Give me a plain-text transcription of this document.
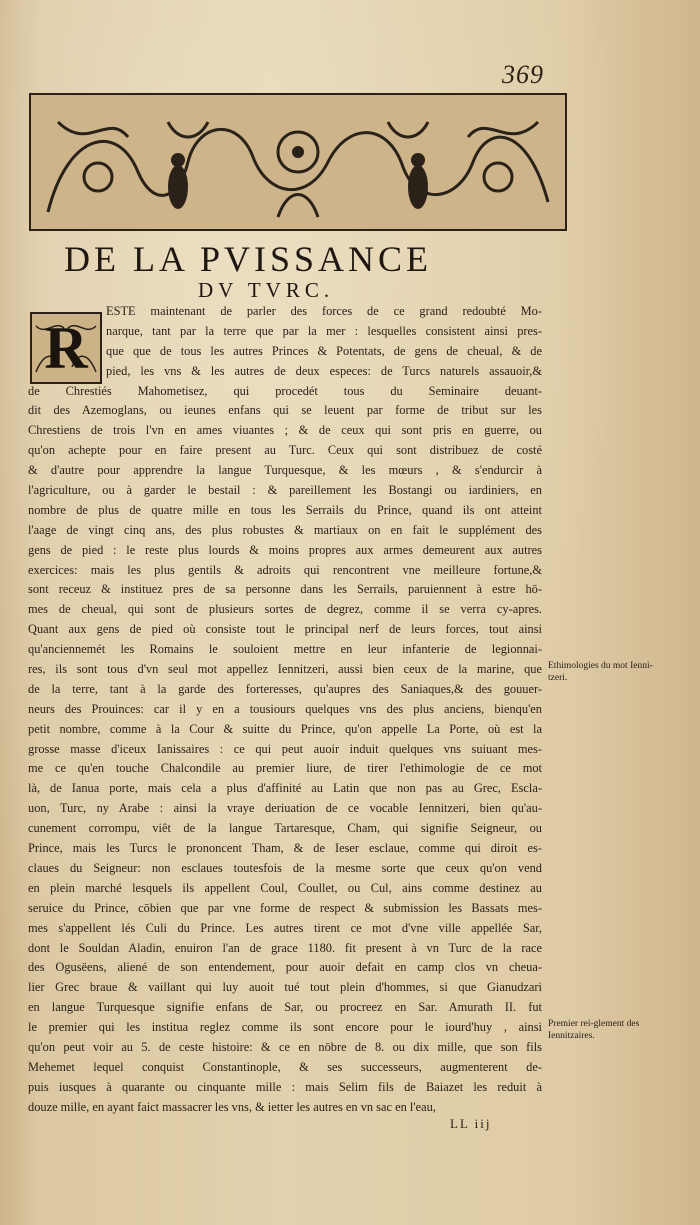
369
DE LA PVISSANCE
DV TVRC.
R
ESTE maintenant de parler des forces de ce grand redoubté Mo-
narque, tant par la terre que par la mer : lesquelles consistent ainsi pres-
que que de tous les autres Princes & Potentats, de gens de cheual, & de
pied, les vns & les autres de deux especes: de Turcs naturels assauoir,&
de Chrestiés Mahometisez, qui procedét tous du Seminaire deuant-
dit des Azemoglans, ou ieunes enfans qui se leuent par forme de tribut sur les
Chrestiens de trois l'vn en ames viuantes ; & de ceux qui sont pris en guerre, ou
qu'on achepte pour en faire present au Turc. Ceux qui sont distribuez de costé
& d'autre pour apprendre la langue Turquesque, & les mœurs , & s'endurcir à
l'agriculture, ou à garder le bestail : & pareillement les Bostangi ou iardiniers, en
nombre de plus de quatre mille en tous les Serrails du Prince, quand ils ont atteint
l'aage de vingt cinq ans, des plus robustes & martiaux on en fait le supplément des
gens de pied : le reste plus lourds & moins propres aux armes demeurent aux autres
exercices: mais les plus gentils & adroits qui rencontrent vne meilleure fortune,&
sont receuz & instituez pres de sa personne dans les Serrails, paruiennent à estre hō-
mes de cheual, qui sont de plusieurs sortes de degrez, comme il se verra cy-apres.
Quant aux gens de pied où consiste tout le principal nerf de leurs forces, tout ainsi
qu'anciennemét les Romains le souloient mettre en leur infanterie de legionnai-
res, ils sont tous d'vn seul mot appellez Iennitzeri, aussi bien ceux de la marine, que
de la terre, tant à la garde des forteresses, qu'aupres des Saniaques,& des gouuer-
neurs des Prouinces: car il y en a tousiours quelques vns des plus anciens, bienqu'en
petit nombre, comme à la Cour & suitte du Prince, qu'on appelle La Porte, où est la
grosse masse d'iceux Ianissaires : ce qui peut auoir induit quelques vns suiuant mes-
me ce qu'en touche Chalcondile au premier liure, de tirer l'ethimologie de ce mot
là, de Ianua porte, mais cela a plus d'affinité au Latin que non pas au Grec, Escla-
uon, Turc, ny Arabe : ainsi la vraye deriuation de ce vocable Iennitzeri, bien qu'au-
cunement corrompu, viêt de la langue Tartaresque, Cham, qui signifie Seigneur, ou
Prince, mais les Turcs le prononcent Tham, & de Ieser esclaue, comme qui diroit es-
claues du Seigneur: non esclaues toutesfois de la mesme sorte que ceux qu'on vend
en plein marché lesquels ils appellent Coul, Coullet, ou Cul, ains comme destinez au
seruice du Prince, cōbien que par vne forme de respect & submission les Bassats mes-
mes s'appellent lés Culi du Prince. Les autres tirent ce mot d'vne ville appellée Sar,
dont le Souldan Aladin, enuiron l'an de grace 1180. fit present à vn Turc de la race
des Ogusëens, aliené de son entendement, pour auoir defait en camp clos vn cheua-
lier Grec braue & vaillant qui luy auoit tué tout plein d'hommes, si que Gianudzari
en langue Turquesque signifie enfans de Sar, ou procreez en Sar. Amurath II. fut
le premier qui les institua reglez comme ils sont encore pour le iourd'huy , ainsi
qu'on peut voir au 5. de ceste histoire: & ce en nōbre de 8. ou dix mille, que son fils
Mehemet lequel conquist Constantinople, & ses successeurs, augmenterent de-
puis iusques à quarante ou cinquante mille : mais Selim fils de Baiazet les reduit à
douze mille, en ayant faict massacrer les vns, & ietter les autres en vn sac en l'eau,
Ethimologies du mot Ienni-tzeri.
Premier rei-glement des Iennitzaires.
LL iij
